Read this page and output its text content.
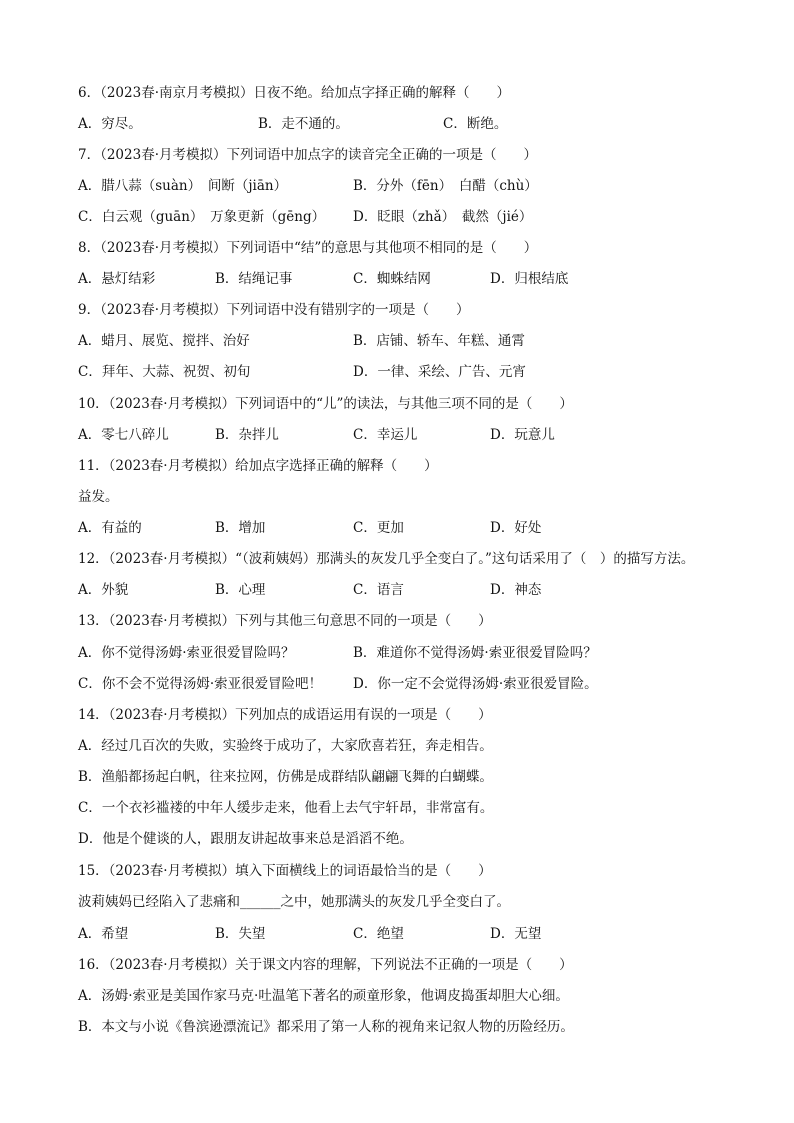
6．（2023春·南京月考模拟）日夜不绝。给加点字择正确的解释（　　）
A．穷尽。	B．走不通的。	C．断绝。
7．（2023春·月考模拟）下列词语中加点字的读音完全正确的一项是（　　）
A．腊八蒜（suàn）　间断（jiān）	B．分外（fēn）　白醋（chù）
C．白云观（guān）　万象更新（gēng） D．眨眼（zhǎ）　截然（jié）
8．（2023春·月考模拟）下列词语中“结”的意思与其他项不相同的是（　　）
A．悬灯结彩	B．结绳记事	C．蜘蛛结网	D．归根结底
9．（2023春·月考模拟）下列词语中没有错别字的一项是（　　）
A．蜡月、展览、搅拌、治好	B．店铺、轿车、年糕、通霄
C．拜年、大蒜、祝贺、初旬	D．一律、采绘、广告、元宵
10．（2023春·月考模拟）下列词语中的“儿”的读法，与其他三项不同的是（　　）
A．零七八碎儿	B．杂拌儿	C．幸运儿	D．玩意儿
11．（2023春·月考模拟）给加点字选择正确的解释（　　）
益发。
A．有益的	B．增加	C．更加	D．好处
12．（2023春·月考模拟）“（波莉姨妈）那满头的灰发几乎全变白了。”这句话采用了（　）的描写方法。
A．外貌	B．心理	C．语言	D．神态
13．（2023春·月考模拟）下列与其他三句意思不同的一项是（　　）
A．你不觉得汤姆·索亚很爱冒险吗？	B．难道你不觉得汤姆·索亚很爱冒险吗？
C．你不会不觉得汤姆·索亚很爱冒险吧！ D．你一定不会觉得汤姆·索亚很爱冒险。
14．（2023春·月考模拟）下列加点的成语运用有误的一项是（　　）
A．经过几百次的失败，实验终于成功了，大家欣喜若狂，奔走相告。
B．渔船都扬起白帆，往来拉网，仿佛是成群结队翩翩飞舞的白蝴蝶。
C．一个衣衫褴褛的中年人缓步走来，他看上去气宇轩昂，非常富有。
D．他是个健谈的人，跟朋友讲起故事来总是滔滔不绝。
15．（2023春·月考模拟）填入下面横线上的词语最恰当的是（　　）
波莉姨妈已经陷入了悲痛和______之中，她那满头的灰发几乎全变白了。
A．希望	B．失望	C．绝望	D．无望
16．（2023春·月考模拟）关于课文内容的理解，下列说法不正确的一项是（　　）
A．汤姆·索亚是美国作家马克·吐温笔下著名的顽童形象，他调皮捣蛋却胆大心细。
B．本文与小说《鲁滨逊漂流记》都采用了第一人称的视角来记叙人物的历险经历。
